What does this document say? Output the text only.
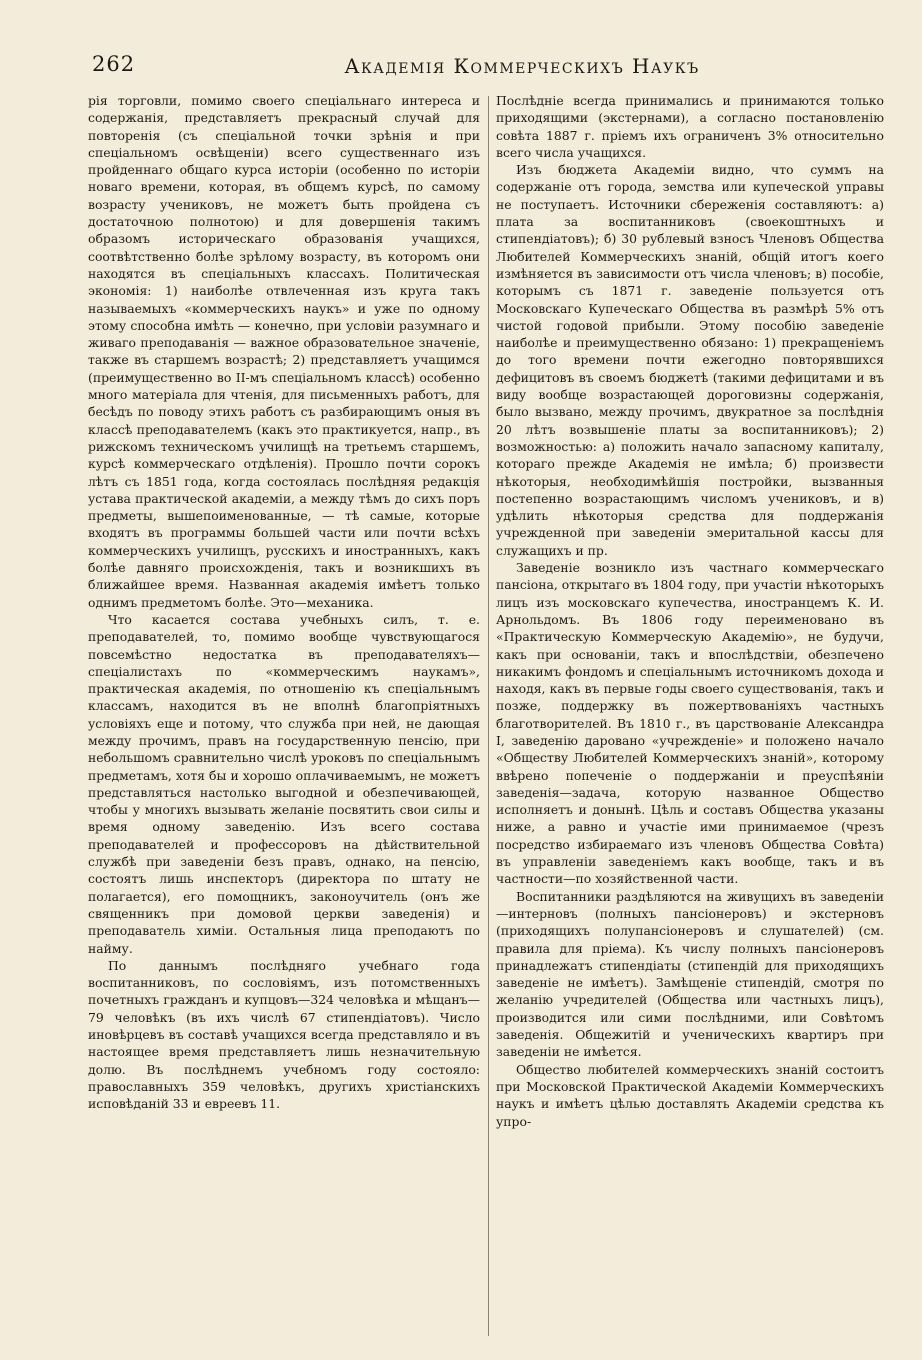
262	Академія Коммерческихъ Наукъ

рія торговли, помимо своего спеціальнаго интереса и содержанія, представляетъ прекрасный случай для повторенія (съ спеціальной точки зрѣнія и при спеціальномъ освѣщеніи) всего существеннаго изъ пройденнаго общаго курса исторіи (особенно по исторіи новаго времени, которая, въ общемъ курсѣ, по самому возрасту учениковъ, не можетъ быть пройдена съ достаточною полнотою) и для довершенія такимъ образомъ историческаго образованія учащихся, соотвѣтственно болѣе зрѣлому возрасту, въ которомъ они находятся въ спеціальныхъ классахъ. Политическая экономія: 1) наиболѣе отвлеченная изъ круга такъ называемыхъ «коммерческихъ наукъ» и уже по одному этому способна имѣть — конечно, при условіи разумнаго и живаго преподаванія — важное образовательное значеніе, также въ старшемъ возрастѣ; 2) представляетъ учащимся (преимущественно во II-мъ спеціальномъ классѣ) особенно много матеріала для чтенія, для письменныхъ работъ, для бесѣдъ по поводу этихъ работъ съ разбирающимъ оныя въ классѣ преподавателемъ (какъ это практикуется, напр., въ рижскомъ техническомъ училищѣ на третьемъ старшемъ, курсѣ коммерческаго отдѣленія). Прошло почти сорокъ лѣтъ съ 1851 года, когда состоялась послѣдняя редакція устава практической академіи, а между тѣмъ до сихъ поръ предметы, вышепоименованные, — тѣ самые, которые входятъ въ программы большей части или почти всѣхъ коммерческихъ училищъ, русскихъ и иностранныхъ, какъ болѣе давняго происхожденія, такъ и возникшихъ въ ближайшее время. Названная академія имѣетъ только однимъ предметомъ болѣе. Это—механика.

Что касается состава учебныхъ силъ, т. е. преподавателей, то, помимо вообще чувствующагося повсемѣстно недостатка въ преподавателяхъ—спеціалистахъ по «коммерческимъ наукамъ», практическая академія, по отношенію къ спеціальнымъ классамъ, находится въ не вполнѣ благопріятныхъ условіяхъ еще и потому, что служба при ней, не дающая между прочимъ, правъ на государственную пенсію, при небольшомъ сравнительно числѣ уроковъ по спеціальнымъ предметамъ, хотя бы и хорошо оплачиваемымъ, не можетъ представляться настолько выгодной и обезпечивающей, чтобы у многихъ вызывать желаніе посвятить свои силы и время одному заведенію. Изъ всего состава преподавателей и профессоровъ на дѣйствительной службѣ при заведеніи безъ правъ, однако, на пенсію, состоятъ лишь инспекторъ (директора по штату не полагается), его помощникъ, законоучитель (онъ же священникъ при домовой церкви заведенія) и преподаватель химіи. Остальныя лица преподаютъ по найму.

По даннымъ послѣдняго учебнаго года воспитанниковъ, по сословіямъ, изъ потомственныхъ почетныхъ гражданъ и купцовъ—324 человѣка и мѣщанъ—79 человѣкъ (въ ихъ числѣ 67 стипендіатовъ). Число иновѣрцевъ въ составѣ учащихся всегда представляло и въ настоящее время представляетъ лишь незначительную долю. Въ послѣднемъ учебномъ году состояло: православныхъ 359 человѣкъ, другихъ христіанскихъ исповѣданій 33 и евреевъ 11.

Послѣдніе всегда принимались и принимаются только приходящими (экстернами), а согласно постановленію совѣта 1887 г. пріемъ ихъ ограниченъ 3% относительно всего числа учащихся.

Изъ бюджета Академіи видно, что суммъ на содержаніе отъ города, земства или купеческой управы не поступаетъ. Источники сбереженія составляютъ: а) плата за воспитанниковъ (своекоштныхъ и стипендіатовъ); б) 30 рублевый взносъ Членовъ Общества Любителей Коммерческихъ знаній, общій итогъ коего измѣняется въ зависимости отъ числа членовъ; в) пособіе, которымъ съ 1871 г. заведеніе пользуется отъ Московскаго Купеческаго Общества въ размѣрѣ 5% отъ чистой годовой прибыли. Этому пособію заведеніе наиболѣе и преимущественно обязано: 1) прекращеніемъ до того времени почти ежегодно повторявшихся дефицитовъ въ своемъ бюджетѣ (такими дефицитами и въ виду вообще возрастающей дороговизны содержанія, было вызвано, между прочимъ, двукратное за послѣднія 20 лѣтъ возвышеніе платы за воспитанниковъ); 2) возможностью: а) положить начало запасному капиталу, котораго прежде Академія не имѣла; б) произвести нѣкоторыя, необходимѣйшія постройки, вызванныя постепенно возрастающимъ числомъ учениковъ, и в) удѣлить нѣкоторыя средства для поддержанія учрежденной при заведеніи эмеритальной кассы для служащихъ и пр.

Заведеніе возникло изъ частнаго коммерческаго пансіона, открытаго въ 1804 году, при участіи нѣкоторыхъ лицъ изъ московскаго купечества, иностранцемъ К. И. Арнольдомъ. Въ 1806 году переименовано въ «Практическую Коммерческую Академію», не будучи, какъ при основаніи, такъ и впослѣдствіи, обезпечено никакимъ фондомъ и спеціальнымъ источникомъ дохода и находя, какъ въ первые годы своего существованія, такъ и позже, поддержку въ пожертвованіяхъ частныхъ благотворителей. Въ 1810 г., въ царствованіе Александра I, заведенію даровано «учрежденіе» и положено начало «Обществу Любителей Коммерческихъ знаній», которому ввѣрено попеченіе о поддержаніи и преуспѣяніи заведенія—задача, которую названное Общество исполняетъ и донынѣ. Цѣль и составъ Общества указаны ниже, а равно и участіе ими принимаемое (чрезъ посредство избираемаго изъ членовъ Общества Совѣта) въ управленіи заведеніемъ какъ вообще, такъ и въ частности—по хозяйственной части.

Воспитанники раздѣляются на живущихъ въ заведеніи—интерновъ (полныхъ пансіонеровъ) и экстерновъ (приходящихъ полупансіонеровъ и слушателей) (см. правила для пріема). Къ числу полныхъ пансіонеровъ принадлежатъ стипендіаты (стипендій для приходящихъ заведеніе не имѣетъ). Замѣщеніе стипендій, смотря по желанію учредителей (Общества или частныхъ лицъ), производится или сими послѣдними, или Совѣтомъ заведенія. Общежитій и ученическихъ квартиръ при заведеніи не имѣется.

Общество любителей коммерческихъ знаній состоитъ при Московской Практической Академіи Коммерческихъ наукъ и имѣетъ цѣлью доставлять Академіи средства къ упро-
